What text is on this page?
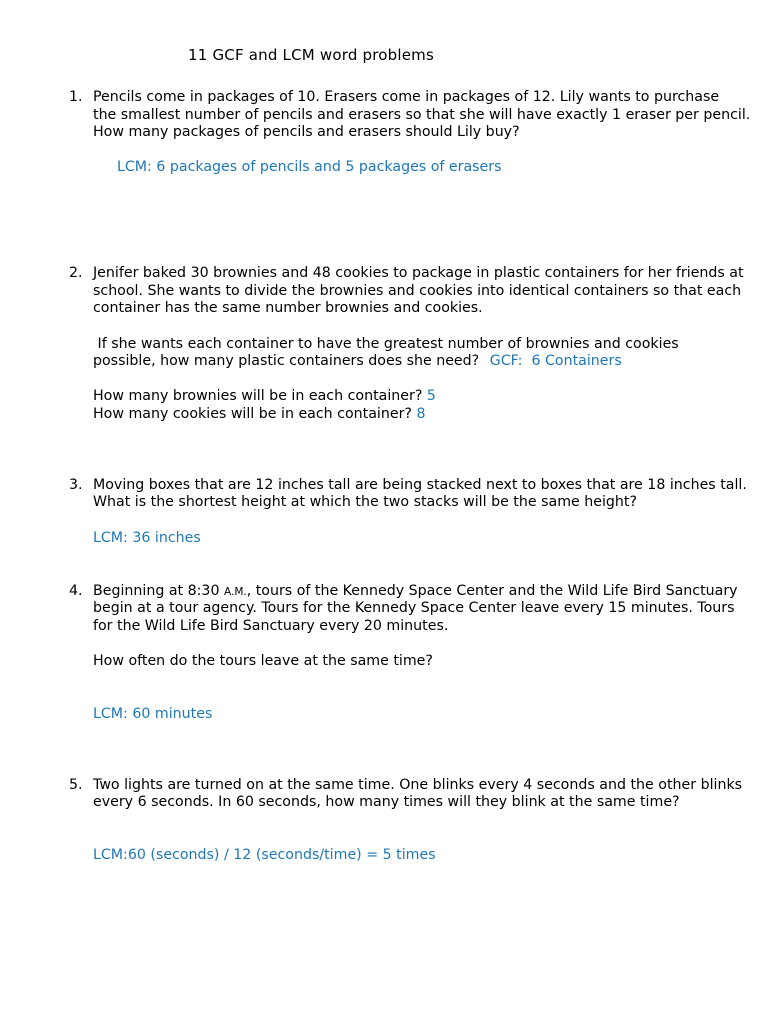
11 GCF and LCM word problems
1. Pencils come in packages of 10. Erasers come in packages of 12. Lily wants to purchase
the smallest number of pencils and erasers so that she will have exactly 1 eraser per pencil.
How many packages of pencils and erasers should Lily buy?
LCM: 6 packages of pencils and 5 packages of erasers
2. Jenifer baked 30 brownies and 48 cookies to package in plastic containers for her friends at
school. She wants to divide the brownies and cookies into identical containers so that each
container has the same number brownies and cookies.
If she wants each container to have the greatest number of brownies and cookies
possible, how many plastic containers does she need? GCF:  6 Containers
How many brownies will be in each container? 5
How many cookies will be in each container? 8
3. Moving boxes that are 12 inches tall are being stacked next to boxes that are 18 inches tall.
What is the shortest height at which the two stacks will be the same height?
LCM: 36 inches
4. Beginning at 8:30 A.M., tours of the Kennedy Space Center and the Wild Life Bird Sanctuary
begin at a tour agency. Tours for the Kennedy Space Center leave every 15 minutes. Tours
for the Wild Life Bird Sanctuary every 20 minutes.
How often do the tours leave at the same time?
LCM: 60 minutes
5. Two lights are turned on at the same time. One blinks every 4 seconds and the other blinks
every 6 seconds. In 60 seconds, how many times will they blink at the same time?
LCM:60 (seconds) / 12 (seconds/time) = 5 times
